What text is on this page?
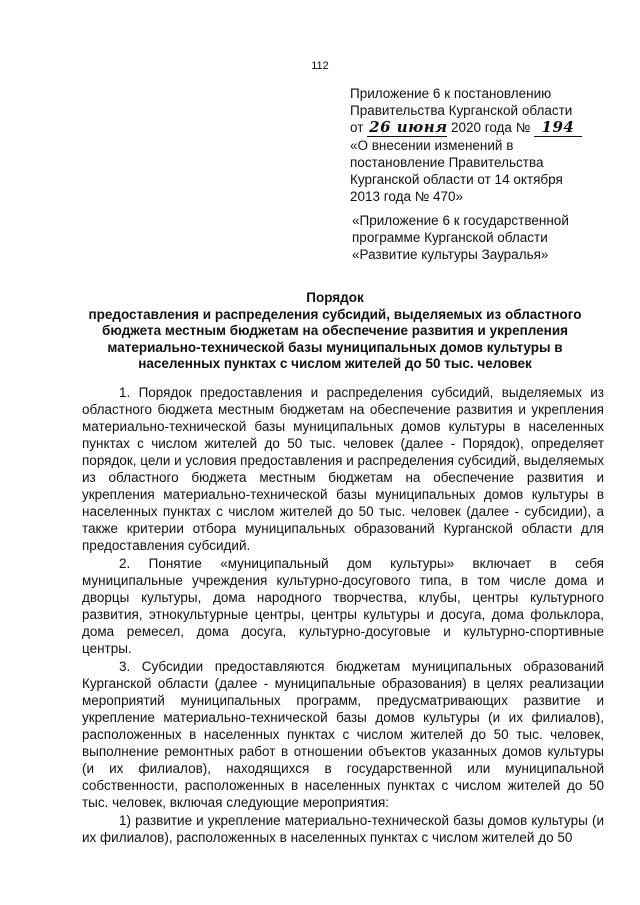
112
Приложение 6 к постановлению
Правительства Курганской области
от 26 июня 2020 года № 194
«О внесении изменений в
постановление Правительства
Курганской области от 14 октября
2013 года № 470»
«Приложение 6 к государственной
программе Курганской области
«Развитие культуры Зауралья»
Порядок
предоставления и распределения субсидий, выделяемых из областного
бюджета местным бюджетам на обеспечение развития и укрепления
материально-технической базы муниципальных домов культуры в
населенных пунктах с числом жителей до 50 тыс. человек

1. Порядок предоставления и распределения субсидий, выделяемых из областного бюджета местным бюджетам на обеспечение развития и укрепления материально-технической базы муниципальных домов культуры в населенных пунктах с числом жителей до 50 тыс. человек (далее - Порядок), определяет порядок, цели и условия предоставления и распределения субсидий, выделяемых из областного бюджета местным бюджетам на обеспечение развития и укрепления материально-технической базы муниципальных домов культуры в населенных пунктах с числом жителей до 50 тыс. человек (далее - субсидии), а также критерии отбора муниципальных образований Курганской области для предоставления субсидий.

2. Понятие «муниципальный дом культуры» включает в себя муниципальные учреждения культурно-досугового типа, в том числе дома и дворцы культуры, дома народного творчества, клубы, центры культурного развития, этнокультурные центры, центры культуры и досуга, дома фольклора, дома ремесел, дома досуга, культурно-досуговые и культурно-спортивные центры.

3. Субсидии предоставляются бюджетам муниципальных образований Курганской области (далее - муниципальные образования) в целях реализации мероприятий муниципальных программ, предусматривающих развитие и укрепление материально-технической базы домов культуры (и их филиалов), расположенных в населенных пунктах с числом жителей до 50 тыс. человек, выполнение ремонтных работ в отношении объектов указанных домов культуры (и их филиалов), находящихся в государственной или муниципальной собственности, расположенных в населенных пунктах с числом жителей до 50 тыс. человек, включая следующие мероприятия:

1) развитие и укрепление материально-технической базы домов культуры (и их филиалов), расположенных в населенных пунктах с числом жителей до 50
